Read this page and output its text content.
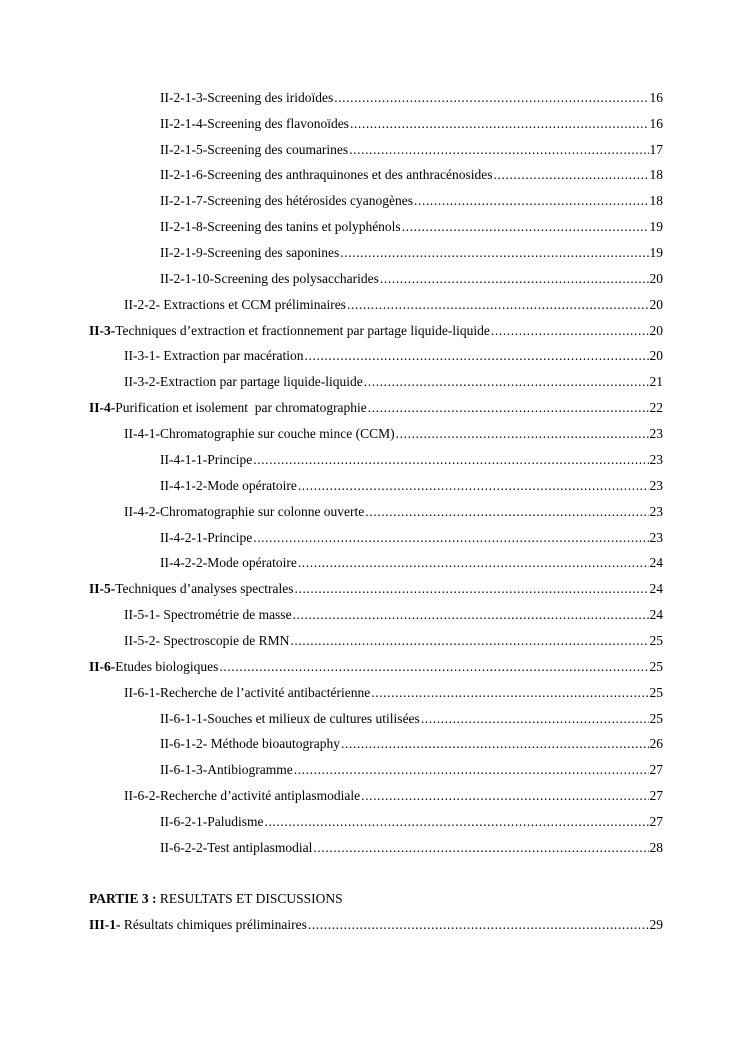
II-2-1-3-Screening des iridoïdes .....	16
II-2-1-4-Screening des flavonoïdes .....	16
II-2-1-5-Screening des coumarines .....	17
II-2-1-6-Screening des anthraquinones et des anthracénosides .....	18
II-2-1-7-Screening des hétérosides cyanogènes .....	18
II-2-1-8-Screening des tanins et polyphénols .....	19
II-2-1-9-Screening des saponines .....	19
II-2-1-10-Screening des polysaccharides .....	20
II-2-2- Extractions et CCM préliminaires .....	20
II-3-Techniques d’extraction et fractionnement par partage liquide-liquide .....	20
II-3-1- Extraction par macération .....	20
II-3-2-Extraction par partage liquide-liquide .....	21
II-4-Purification et isolement  par chromatographie .....	22
II-4-1-Chromatographie sur couche mince (CCM) .....	23
II-4-1-1-Principe .....	23
II-4-1-2-Mode opératoire .....	23
II-4-2-Chromatographie sur colonne ouverte .....	23
II-4-2-1-Principe .....	23
II-4-2-2-Mode opératoire .....	24
II-5-Techniques d’analyses spectrales .....	24
II-5-1- Spectrométrie de masse .....	24
II-5-2- Spectroscopie de RMN .....	25
II-6-Etudes biologiques .....	25
II-6-1-Recherche de l’activité antibactérienne .....	25
II-6-1-1-Souches et milieux de cultures utilisées .....	25
II-6-1-2- Méthode bioautography .....	26
II-6-1-3-Antibiogramme .....	27
II-6-2-Recherche d’activité antiplasmodiale .....	27
II-6-2-1-Paludisme .....	27
II-6-2-2-Test antiplasmodial .....	28
PARTIE 3 : RESULTATS ET DISCUSSIONS
III-1- Résultats chimiques préliminaires .....	29
